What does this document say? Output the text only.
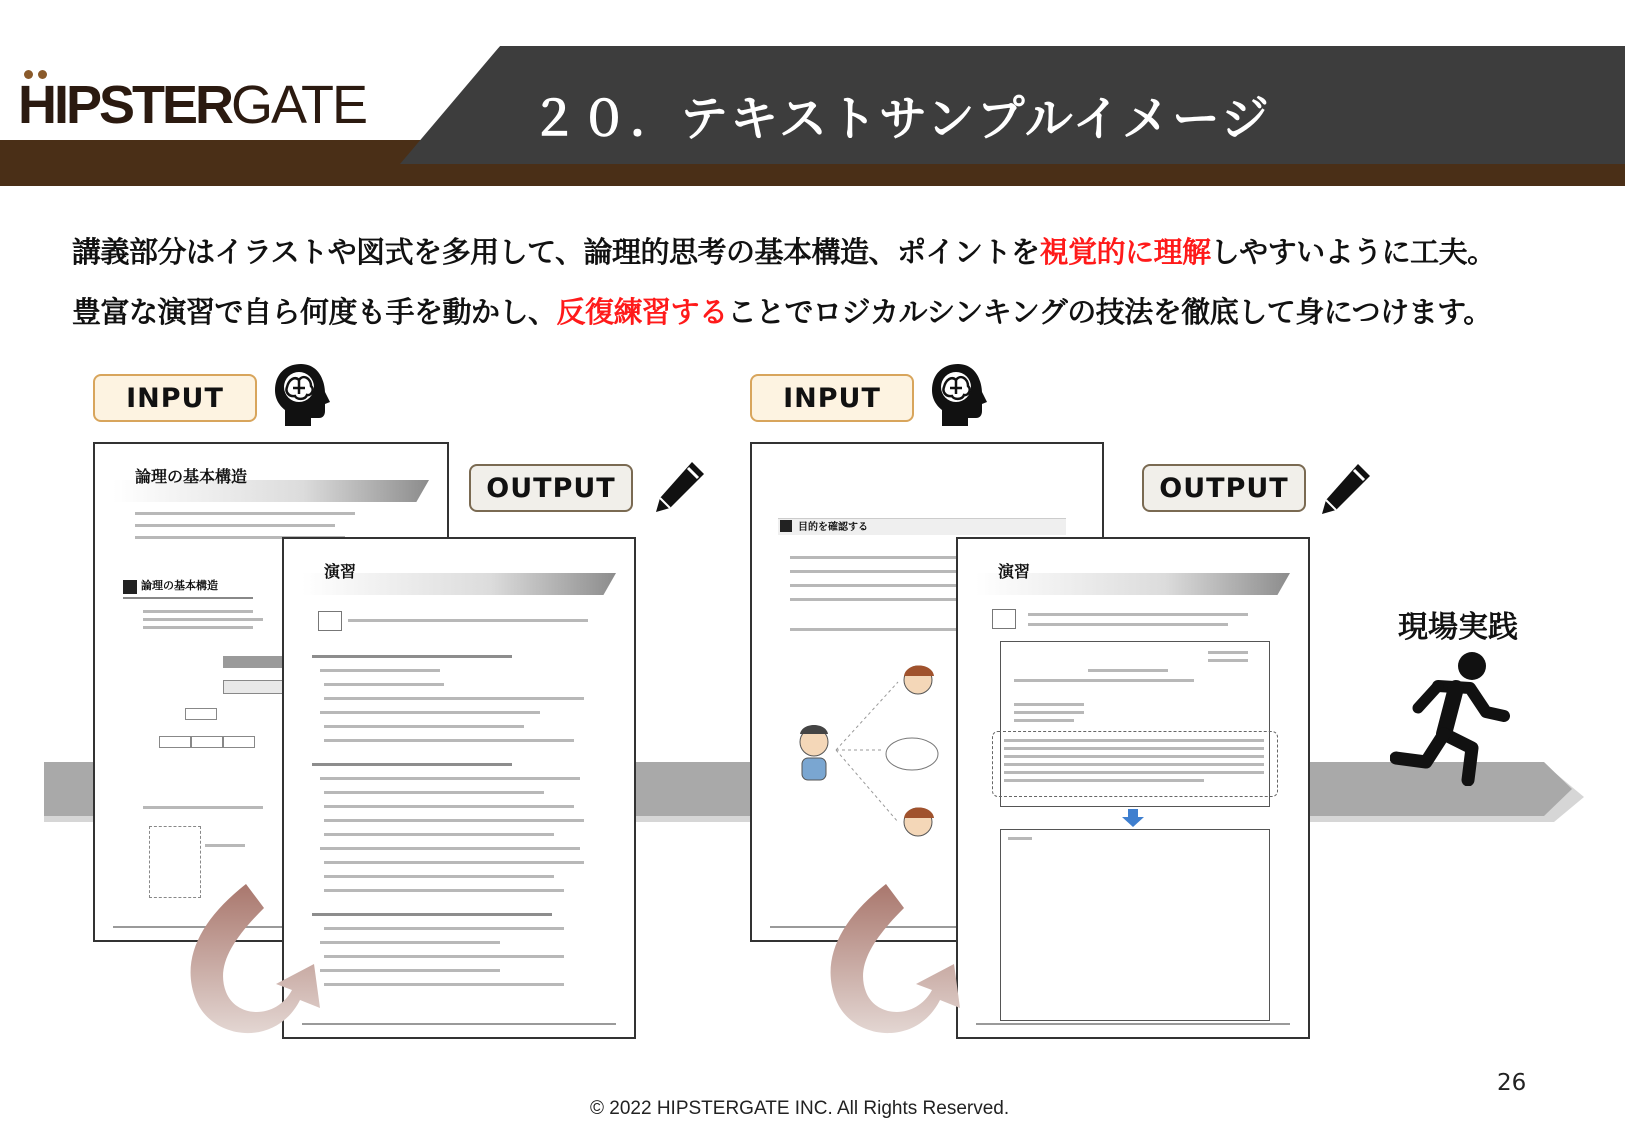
HIPSTERGATE	２０．テキストサンプルイメージ
講義部分はイラストや図式を多用して、論理的思考の基本構造、ポイントを視覚的に理解しやすいように工夫。
豊富な演習で自ら何度も手を動かし、反復練習することでロジカルシンキングの技法を徹底して身につけます。
INPUT
論理の基本構造
論理の基本構造
OUTPUT
演習
INPUT
目的を確認する
OUTPUT
演習
現場実践
26
© 2022 HIPSTERGATE INC. All Rights Reserved.
